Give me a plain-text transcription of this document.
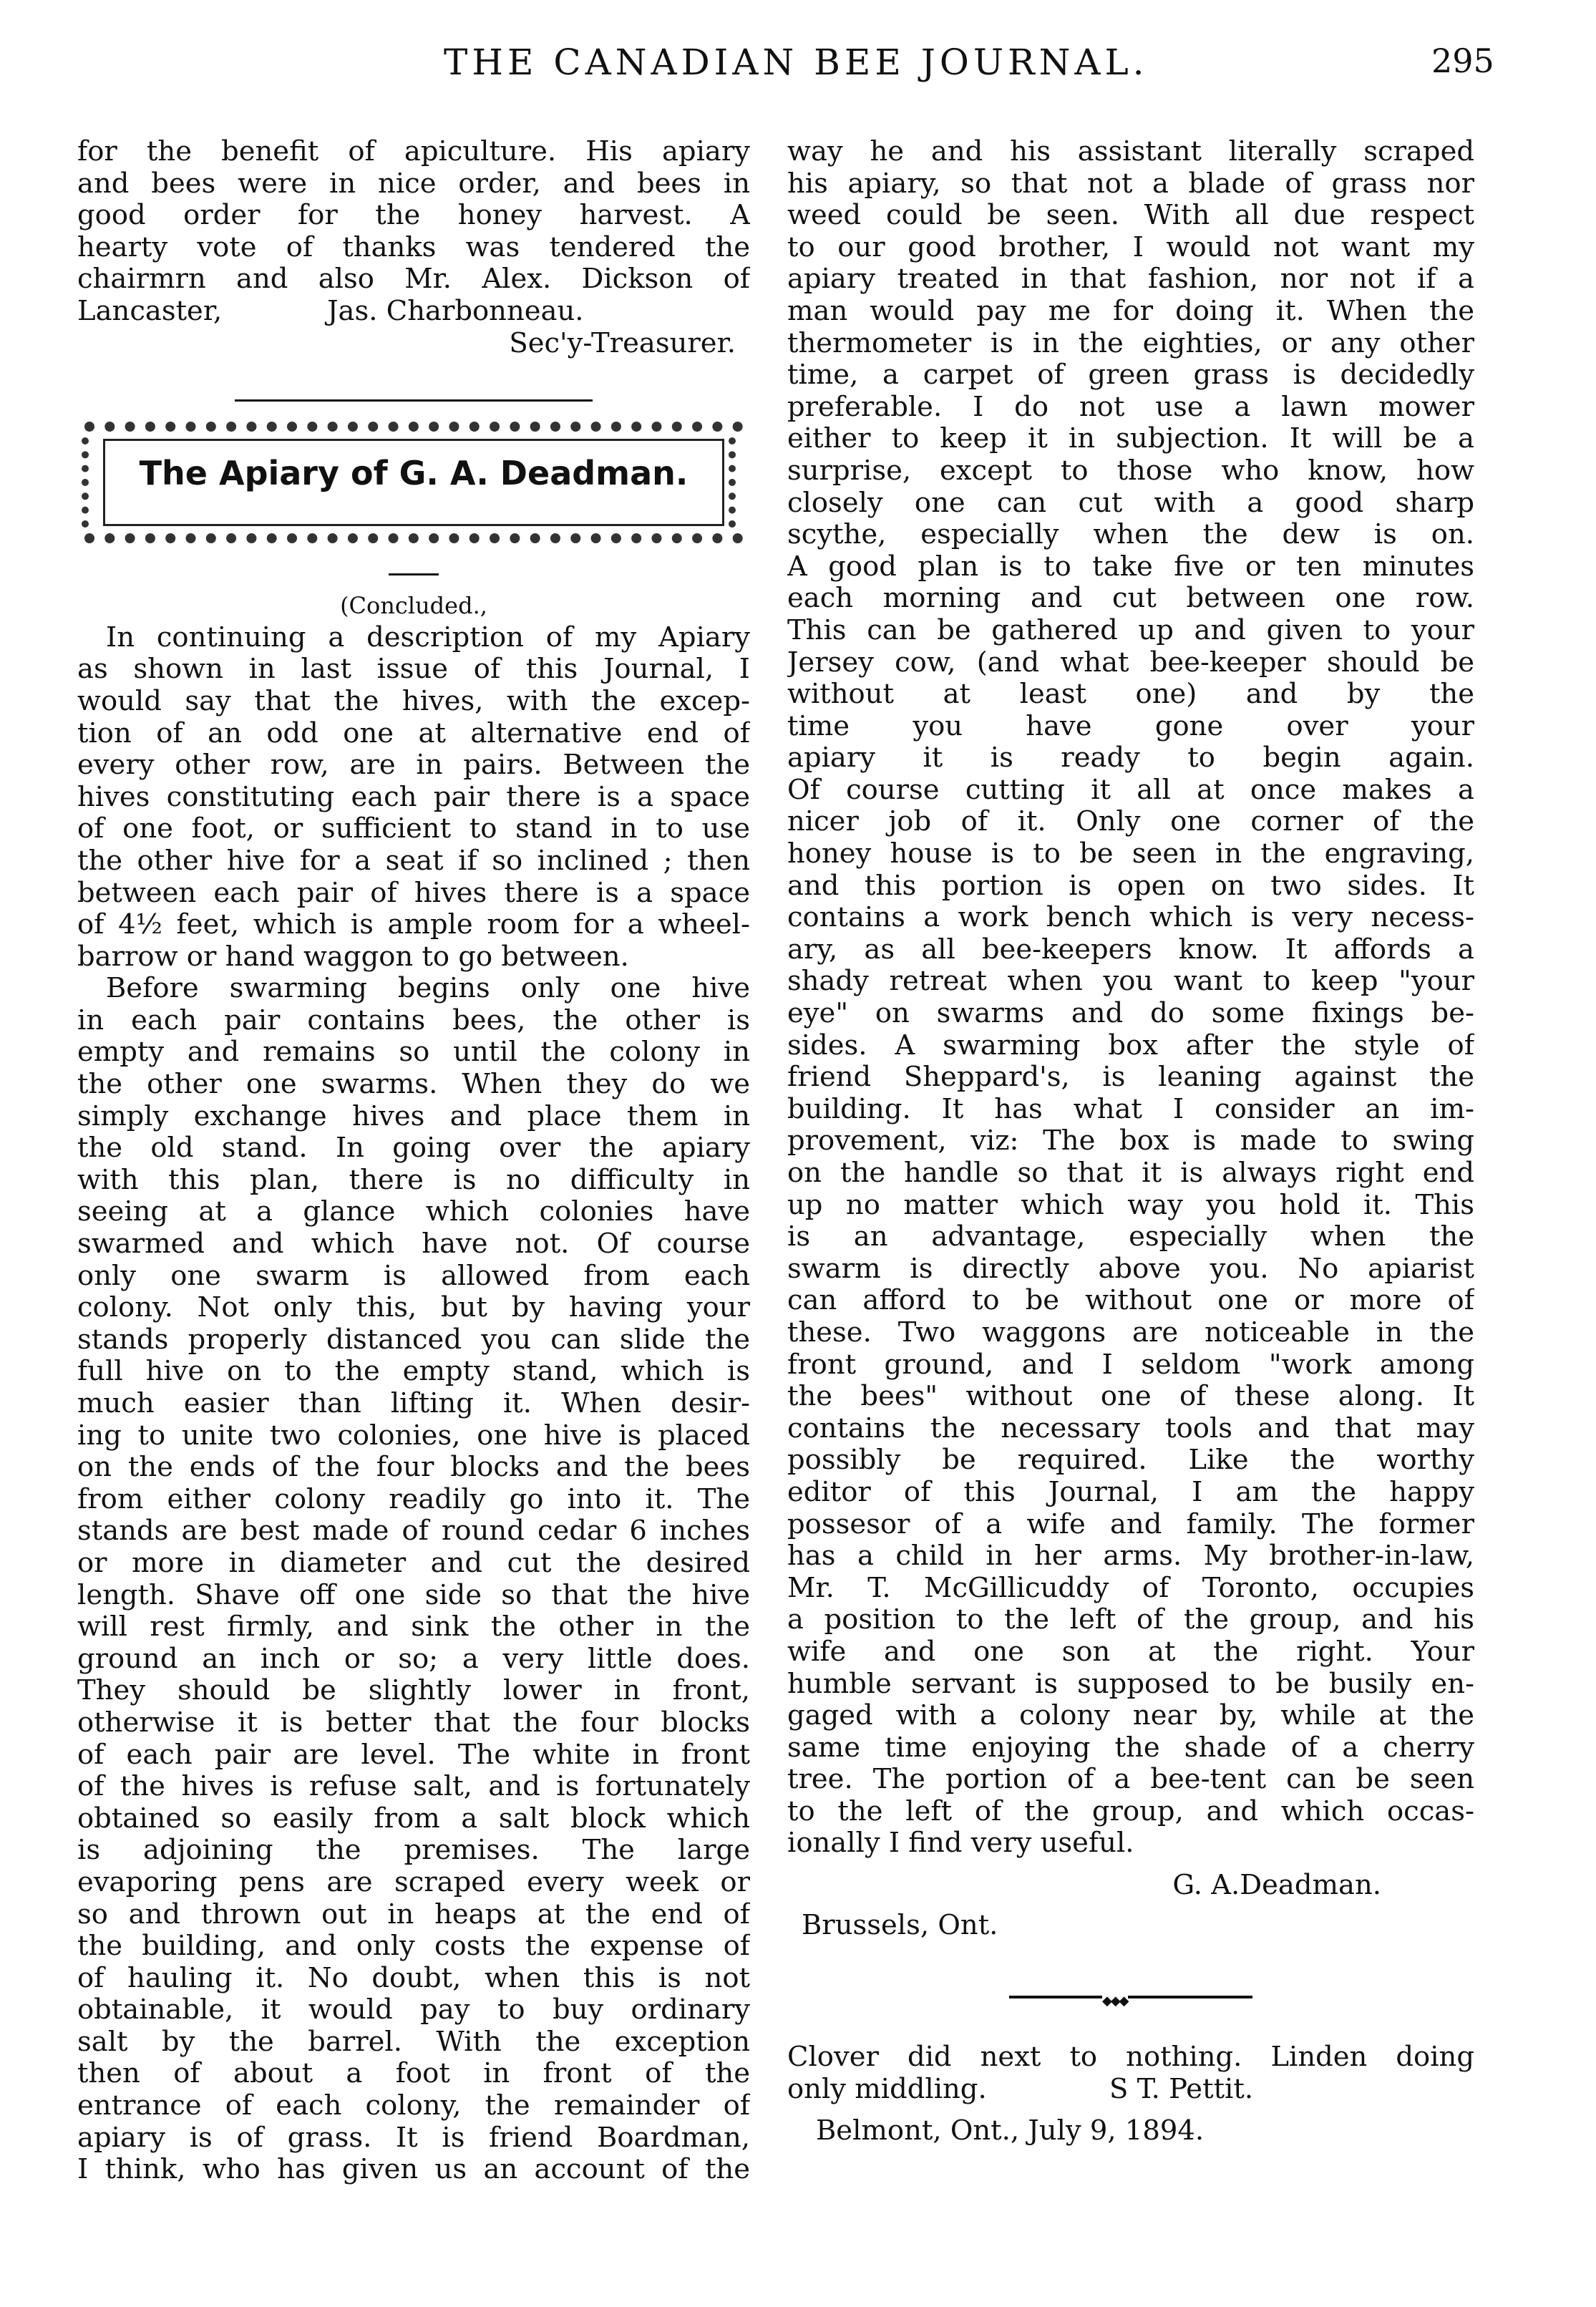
THE CANADIAN BEE JOURNAL.	295
for the benefit of apiculture. His apiary
and bees were in nice order, and bees in
good order for the honey harvest. A
hearty vote of thanks was tendered the
chairmrn and also Mr. Alex. Dickson of
Lancaster,            Jas. Charbonneau.
Sec'y-Treasurer.
The Apiary of G. A. Deadman.
(Concluded.,
In continuing a description of my Apiary
as shown in last issue of this Journal, I
would say that the hives, with the excep-
tion of an odd one at alternative end of
every other row, are in pairs. Between the
hives constituting each pair there is a space
of one foot, or sufficient to stand in to use
the other hive for a seat if so inclined ; then
between each pair of hives there is a space
of 4½ feet, which is ample room for a wheel-
barrow or hand waggon to go between.
Before swarming begins only one hive
in each pair contains bees, the other is
empty and remains so until the colony in
the other one swarms. When they do we
simply exchange hives and place them in
the old stand. In going over the apiary
with this plan, there is no difficulty in
seeing at a glance which colonies have
swarmed and which have not. Of course
only one swarm is allowed from each
colony. Not only this, but by having your
stands properly distanced you can slide the
full hive on to the empty stand, which is
much easier than lifting it. When desir-
ing to unite two colonies, one hive is placed
on the ends of the four blocks and the bees
from either colony readily go into it. The
stands are best made of round cedar 6 inches
or more in diameter and cut the desired
length. Shave off one side so that the hive
will rest firmly, and sink the other in the
ground an inch or so; a very little does.
They should be slightly lower in front,
otherwise it is better that the four blocks
of each pair are level. The white in front
of the hives is refuse salt, and is fortunately
obtained so easily from a salt block which
is adjoining the premises. The large
evaporing pens are scraped every week or
so and thrown out in heaps at the end of
the building, and only costs the expense of
of hauling it. No doubt, when this is not
obtainable, it would pay to buy ordinary
salt by the barrel. With the exception
then of about a foot in front of the
entrance of each colony, the remainder of
apiary is of grass. It is friend Boardman,
I think, who has given us an account of the
way he and his assistant literally scraped
his apiary, so that not a blade of grass nor
weed could be seen. With all due respect
to our good brother, I would not want my
apiary treated in that fashion, nor not if a
man would pay me for doing it. When the
thermometer is in the eighties, or any other
time, a carpet of green grass is decidedly
preferable. I do not use a lawn mower
either to keep it in subjection. It will be a
surprise, except to those who know, how
closely one can cut with a good sharp
scythe, especially when the dew is on.
A good plan is to take five or ten minutes
each morning and cut between one row.
This can be gathered up and given to your
Jersey cow, (and what bee-keeper should be
without at least one) and by the
time you have gone over your
apiary it is ready to begin again.
Of course cutting it all at once makes a
nicer job of it. Only one corner of the
honey house is to be seen in the engraving,
and this portion is open on two sides. It
contains a work bench which is very necess-
ary, as all bee-keepers know. It affords a
shady retreat when you want to keep "your
eye" on swarms and do some fixings be-
sides. A swarming box after the style of
friend Sheppard's, is leaning against the
building. It has what I consider an im-
provement, viz: The box is made to swing
on the handle so that it is always right end
up no matter which way you hold it. This
is an advantage, especially when the
swarm is directly above you. No apiarist
can afford to be without one or more of
these. Two waggons are noticeable in the
front ground, and I seldom "work among
the bees" without one of these along. It
contains the necessary tools and that may
possibly be required. Like the worthy
editor of this Journal, I am the happy
possesor of a wife and family. The former
has a child in her arms. My brother-in-law,
Mr. T. McGillicuddy of Toronto, occupies
a position to the left of the group, and his
wife and one son at the right. Your
humble servant is supposed to be busily en-
gaged with a colony near by, while at the
same time enjoying the shade of a cherry
tree. The portion of a bee-tent can be seen
to the left of the group, and which occas-
ionally I find very useful.
G. A.Deadman.
Brussels, Ont.
◆◆◆
Clover did next to nothing. Linden doing
only middling.              S T. Pettit.
Belmont, Ont., July 9, 1894.
